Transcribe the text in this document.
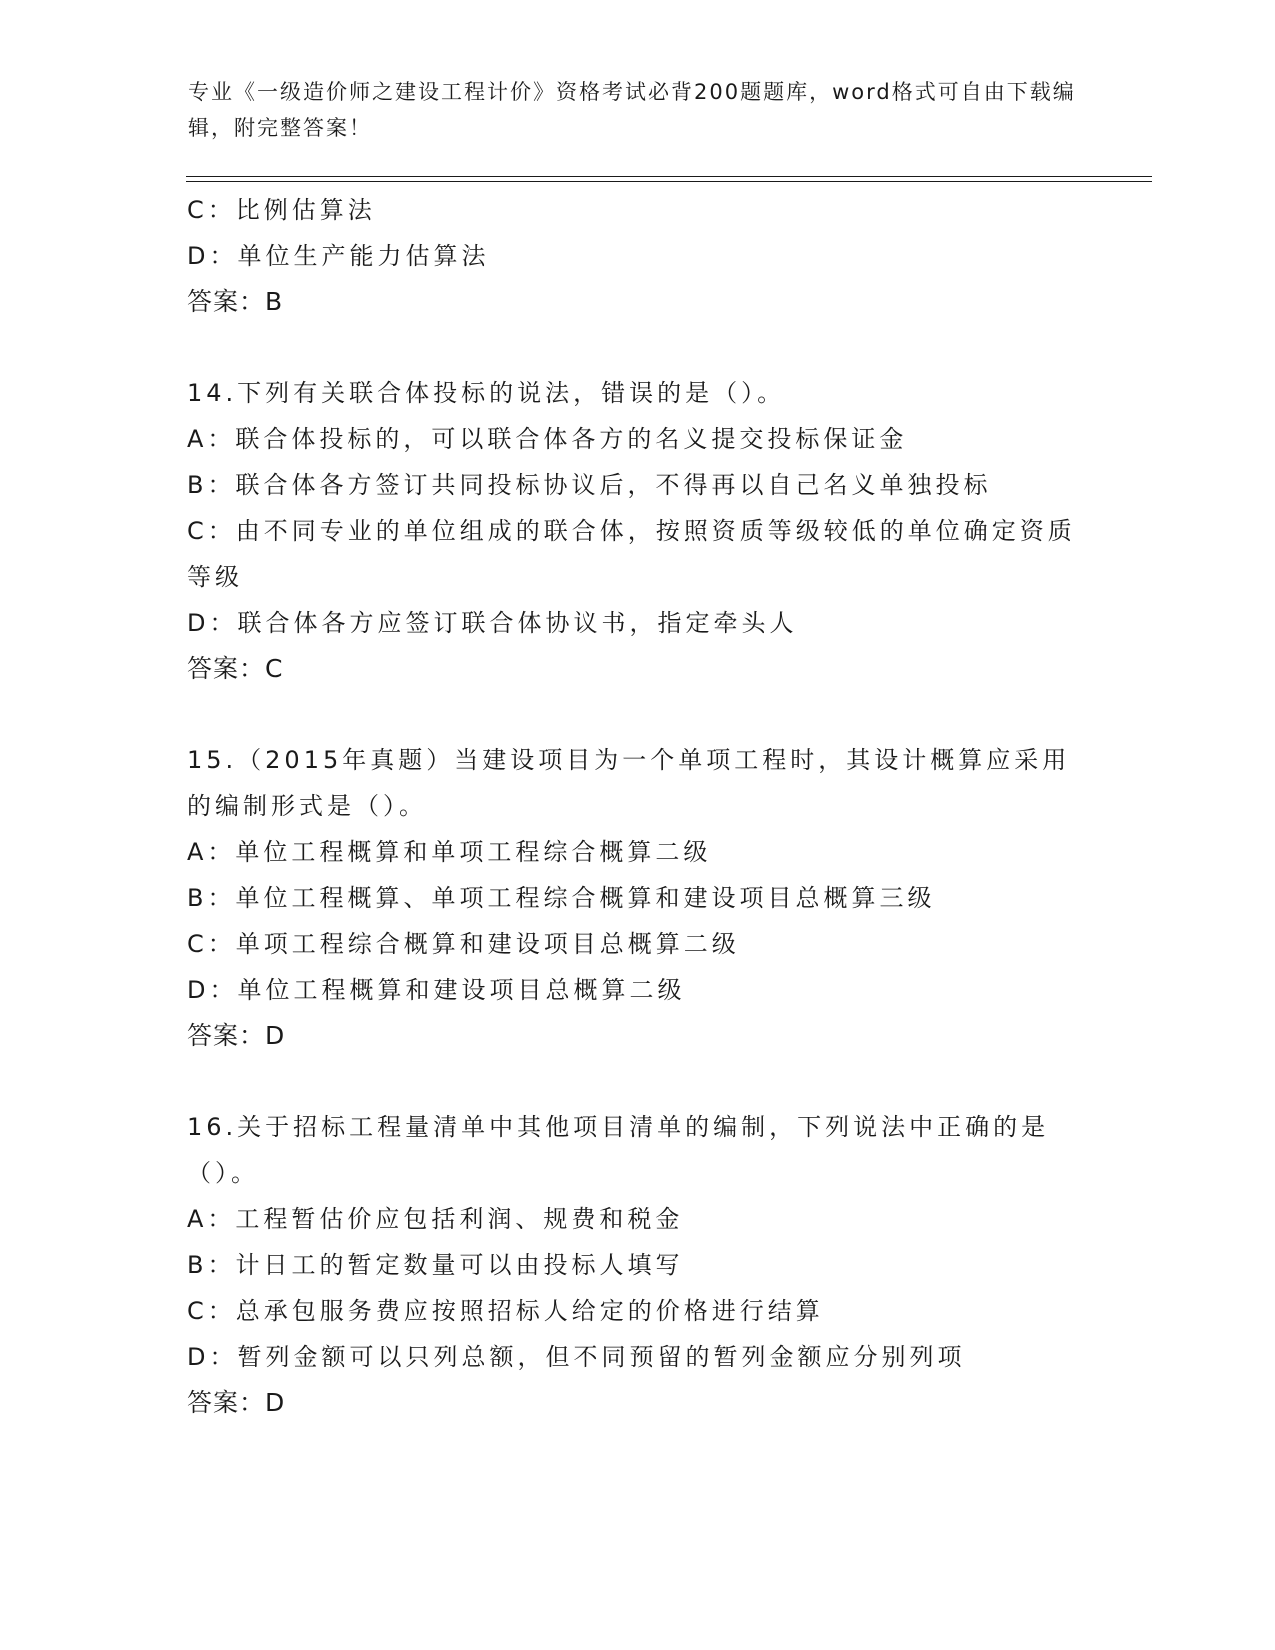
专业《一级造价师之建设工程计价》资格考试必背200题题库，word格式可自由下载编辑，附完整答案！
C：比例估算法
D：单位生产能力估算法
答案：B
14.下列有关联合体投标的说法，错误的是（）。
A：联合体投标的，可以联合体各方的名义提交投标保证金
B：联合体各方签订共同投标协议后，不得再以自己名义单独投标
C：由不同专业的单位组成的联合体，按照资质等级较低的单位确定资质等级
D：联合体各方应签订联合体协议书，指定牵头人
答案：C
15.（2015年真题）当建设项目为一个单项工程时，其设计概算应采用的编制形式是（）。
A：单位工程概算和单项工程综合概算二级
B：单位工程概算、单项工程综合概算和建设项目总概算三级
C：单项工程综合概算和建设项目总概算二级
D：单位工程概算和建设项目总概算二级
答案：D
16.关于招标工程量清单中其他项目清单的编制，下列说法中正确的是（）。
A：工程暂估价应包括利润、规费和税金
B：计日工的暂定数量可以由投标人填写
C：总承包服务费应按照招标人给定的价格进行结算
D：暂列金额可以只列总额，但不同预留的暂列金额应分别列项
答案：D
